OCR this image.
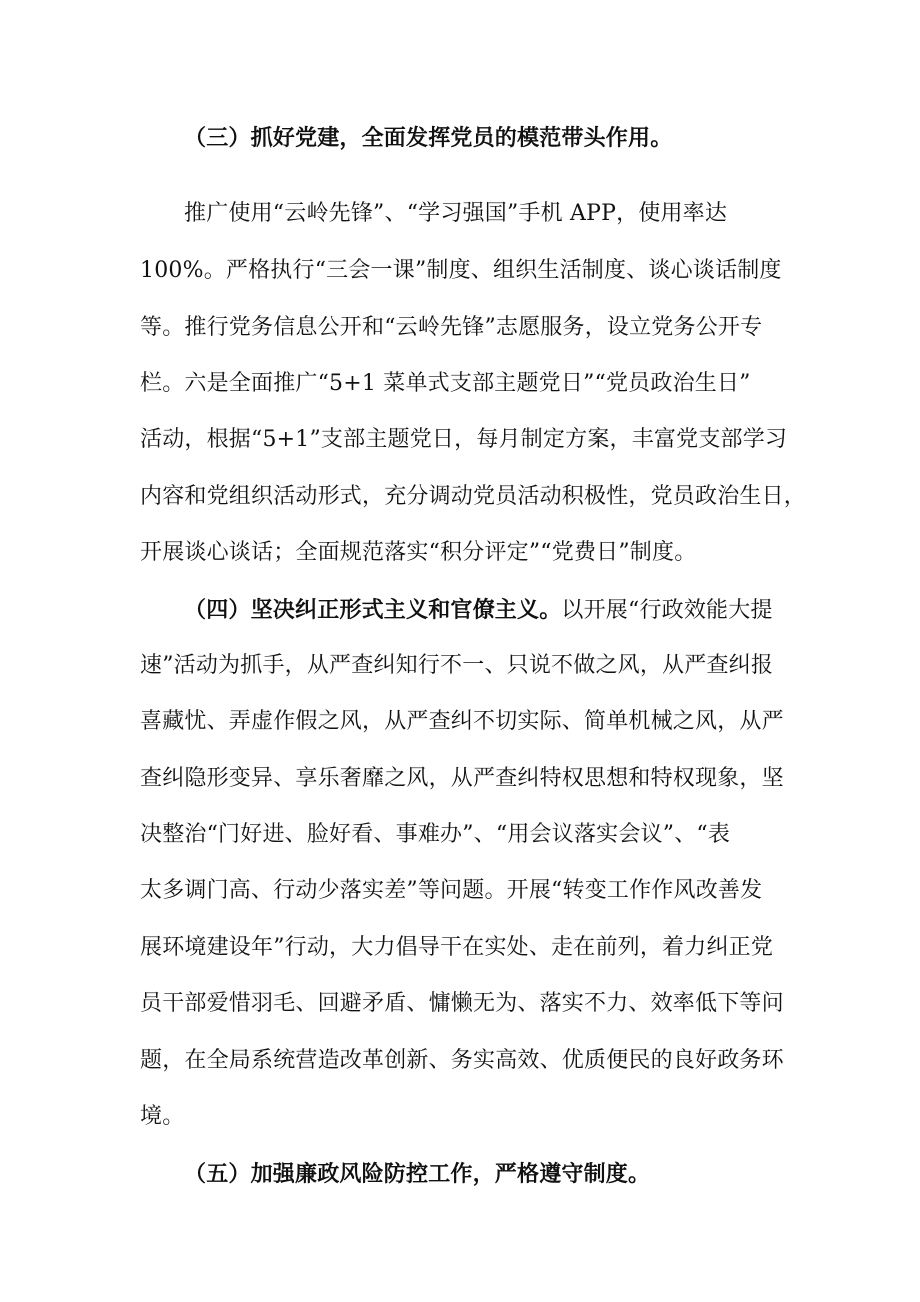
（三）抓好党建，全面发挥党员的模范带头作用。
推广使用“云岭先锋”、“学习强国”手机 APP，使用率达
100%。严格执行“三会一课”制度、组织生活制度、谈心谈话制度
等。推行党务信息公开和“云岭先锋”志愿服务，设立党务公开专
栏。六是全面推广“5+1 菜单式支部主题党日”“党员政治生日”
活动，根据“5+1”支部主题党日，每月制定方案，丰富党支部学习
内容和党组织活动形式，充分调动党员活动积极性，党员政治生日，
开展谈心谈话；全面规范落实“积分评定”“党费日”制度。
（四）坚决纠正形式主义和官僚主义。以开展“行政效能大提
速”活动为抓手，从严查纠知行不一、只说不做之风，从严查纠报
喜藏忧、弄虚作假之风，从严查纠不切实际、简单机械之风，从严
查纠隐形变异、享乐奢靡之风，从严查纠特权思想和特权现象，坚
决整治“门好进、脸好看、事难办”、“用会议落实会议”、“表
太多调门高、行动少落实差”等问题。开展“转变工作作风改善发
展环境建设年”行动，大力倡导干在实处、走在前列，着力纠正党
员干部爱惜羽毛、回避矛盾、慵懒无为、落实不力、效率低下等问
题，在全局系统营造改革创新、务实高效、优质便民的良好政务环
境。
（五）加强廉政风险防控工作，严格遵守制度。
